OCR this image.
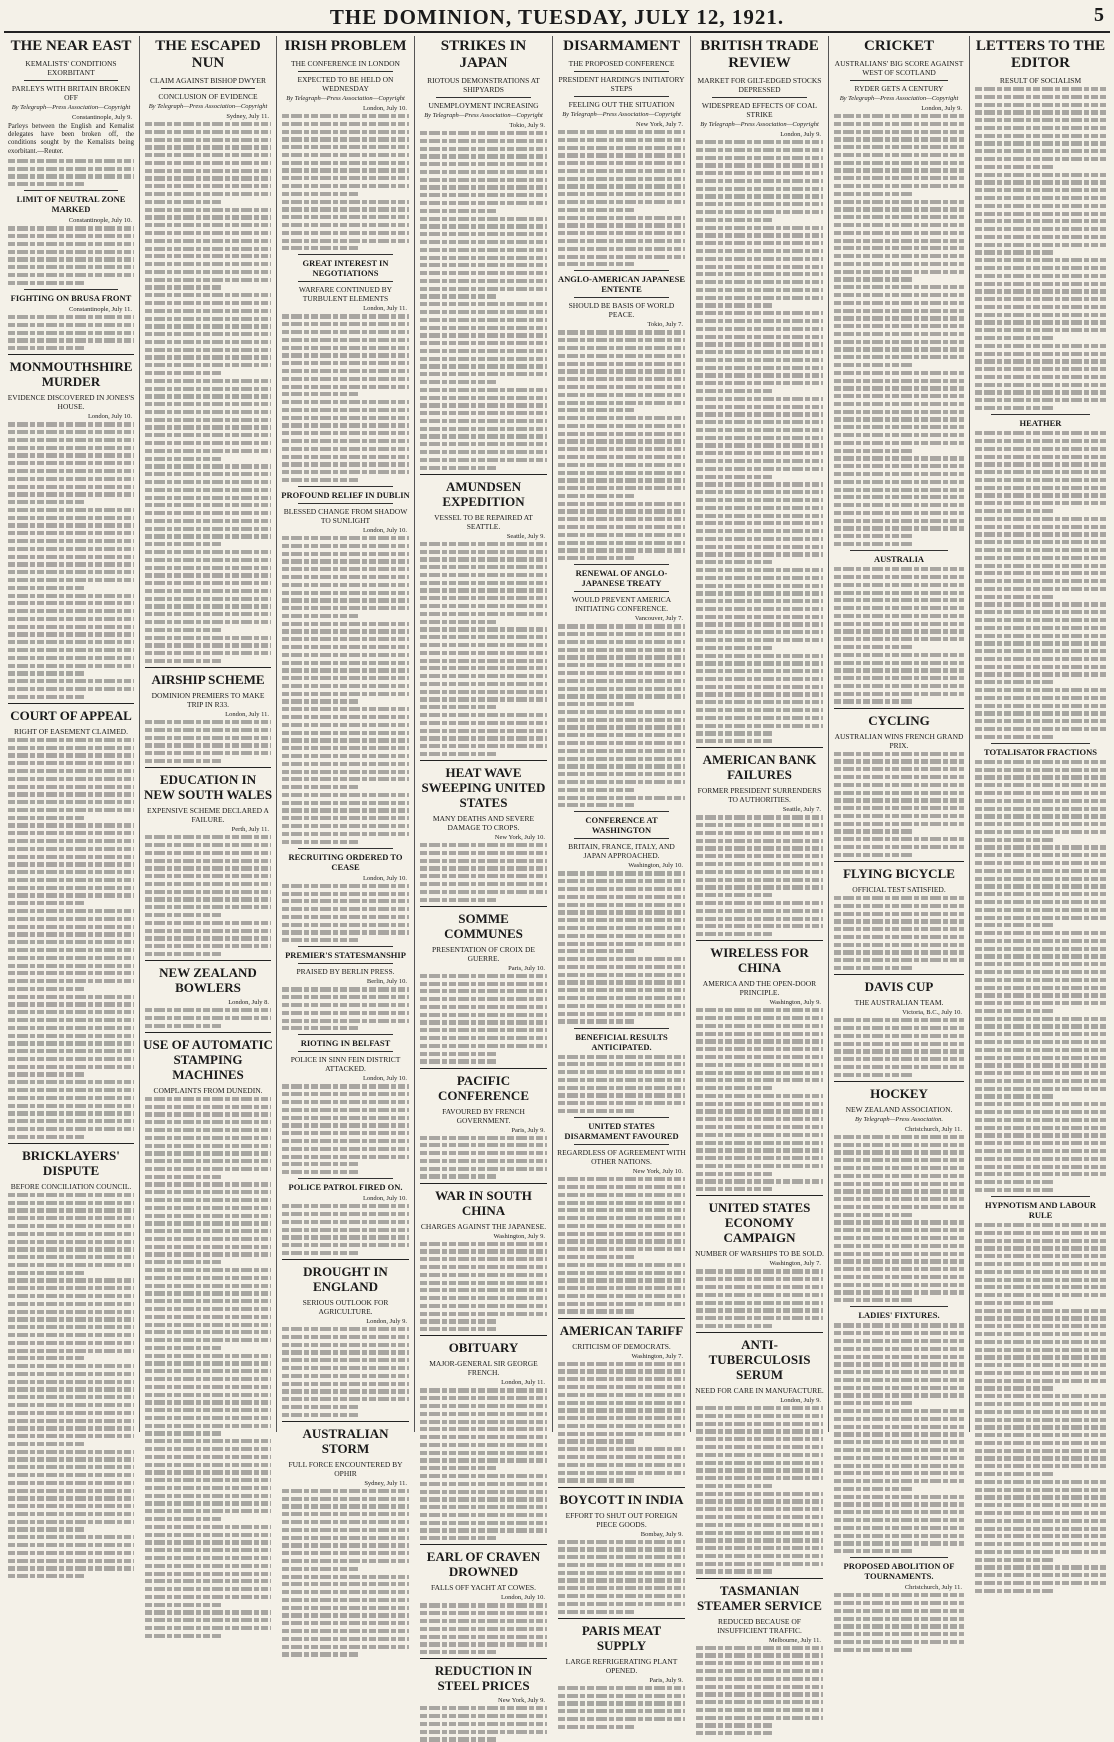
THE DOMINION, TUESDAY, JULY 12, 1921.	5
THE NEAR EAST
KEMALISTS' CONDITIONS EXORBITANT
PARLEYS WITH BRITAIN BROKEN OFF
By Telegraph—Press Association—Copyright
Constantinople, July 9.
Parleys between the English and Kemalist delegates have been broken off, the conditions sought by the Kemalists being exorbitant.—Reuter.
LIMIT OF NEUTRAL ZONE MARKED
Constantinople, July 10.
FIGHTING ON BRUSA FRONT
Constantinople, July 11.
MONMOUTHSHIRE MURDER
EVIDENCE DISCOVERED IN JONES'S HOUSE.
London, July 10.
COURT OF APPEAL
RIGHT OF EASEMENT CLAIMED.
BRICKLAYERS' DISPUTE
BEFORE CONCILIATION COUNCIL.
THE ESCAPED NUN
CLAIM AGAINST BISHOP DWYER
CONCLUSION OF EVIDENCE
By Telegraph—Press Association—Copyright
Sydney, July 11.
AIRSHIP SCHEME
DOMINION PREMIERS TO MAKE TRIP IN R33.
London, July 11.
EDUCATION IN NEW SOUTH WALES
EXPENSIVE SCHEME DECLARED A FAILURE.
Perth, July 11.
NEW ZEALAND BOWLERS
London, July 8.
USE OF AUTOMATIC STAMPING MACHINES
COMPLAINTS FROM DUNEDIN.
IRISH PROBLEM
THE CONFERENCE IN LONDON
EXPECTED TO BE HELD ON WEDNESDAY
By Telegraph—Press Association—Copyright
London, July 10.
GREAT INTEREST IN NEGOTIATIONS
WARFARE CONTINUED BY TURBULENT ELEMENTS
London, July 11.
PROFOUND RELIEF IN DUBLIN
BLESSED CHANGE FROM SHADOW TO SUNLIGHT
London, July 10.
RECRUITING ORDERED TO CEASE
London, July 10.
PREMIER'S STATESMANSHIP
PRAISED BY BERLIN PRESS.
Berlin, July 10.
RIOTING IN BELFAST
POLICE IN SINN FEIN DISTRICT ATTACKED.
London, July 10.
POLICE PATROL FIRED ON.
London, July 10.
DROUGHT IN ENGLAND
SERIOUS OUTLOOK FOR AGRICULTURE.
London, July 9.
AUSTRALIAN STORM
FULL FORCE ENCOUNTERED BY OPHIR
Sydney, July 11.
STRIKES IN JAPAN
RIOTOUS DEMONSTRATIONS AT SHIPYARDS
UNEMPLOYMENT INCREASING
By Telegraph—Press Association—Copyright
Tokio, July 9.
AMUNDSEN EXPEDITION
VESSEL TO BE REPAIRED AT SEATTLE.
Seattle, July 9.
HEAT WAVE SWEEPING UNITED STATES
MANY DEATHS AND SEVERE DAMAGE TO CROPS.
New York, July 10.
SOMME COMMUNES
PRESENTATION OF CROIX DE GUERRE.
Paris, July 10.
PACIFIC CONFERENCE
FAVOURED BY FRENCH GOVERNMENT.
Paris, July 9.
WAR IN SOUTH CHINA
CHARGES AGAINST THE JAPANESE.
Washington, July 9.
OBITUARY
MAJOR-GENERAL SIR GEORGE FRENCH.
London, July 11.
EARL OF CRAVEN DROWNED
FALLS OFF YACHT AT COWES.
London, July 10.
REDUCTION IN STEEL PRICES
New York, July 9.
DISARMAMENT
THE PROPOSED CONFERENCE
PRESIDENT HARDING'S INITIATORY STEPS
FEELING OUT THE SITUATION
By Telegraph—Press Association—Copyright
New York, July 7.
ANGLO-AMERICAN JAPANESE ENTENTE
SHOULD BE BASIS OF WORLD PEACE.
Tokio, July 7.
RENEWAL OF ANGLO-JAPANESE TREATY
WOULD PREVENT AMERICA INITIATING CONFERENCE.
Vancouver, July 7.
CONFERENCE AT WASHINGTON
BRITAIN, FRANCE, ITALY, AND JAPAN APPROACHED.
Washington, July 10.
BENEFICIAL RESULTS ANTICIPATED.
UNITED STATES DISARMAMENT FAVOURED
REGARDLESS OF AGREEMENT WITH OTHER NATIONS.
New York, July 10.
AMERICAN TARIFF
CRITICISM OF DEMOCRATS.
Washington, July 7.
BOYCOTT IN INDIA
EFFORT TO SHUT OUT FOREIGN PIECE GOODS.
Bombay, July 9.
PARIS MEAT SUPPLY
LARGE REFRIGERATING PLANT OPENED.
Paris, July 9.
BRITISH TRADE REVIEW
MARKET FOR GILT-EDGED STOCKS DEPRESSED
WIDESPREAD EFFECTS OF COAL STRIKE
By Telegraph—Press Association—Copyright
London, July 9.
AMERICAN BANK FAILURES
FORMER PRESIDENT SURRENDERS TO AUTHORITIES.
Seattle, July 7.
WIRELESS FOR CHINA
AMERICA AND THE OPEN-DOOR PRINCIPLE.
Washington, July 9.
UNITED STATES ECONOMY CAMPAIGN
NUMBER OF WARSHIPS TO BE SOLD.
Washington, July 7.
ANTI-TUBERCULOSIS SERUM
NEED FOR CARE IN MANUFACTURE.
London, July 9.
TASMANIAN STEAMER SERVICE
REDUCED BECAUSE OF INSUFFICIENT TRAFFIC.
Melbourne, July 11.
CRICKET
AUSTRALIANS' BIG SCORE AGAINST WEST OF SCOTLAND
RYDER GETS A CENTURY
By Telegraph—Press Association—Copyright
London, July 9.
AUSTRALIA
CYCLING
AUSTRALIAN WINS FRENCH GRAND PRIX.
FLYING BICYCLE
OFFICIAL TEST SATISFIED.
DAVIS CUP
THE AUSTRALIAN TEAM.
Victoria, B.C., July 10.
HOCKEY
NEW ZEALAND ASSOCIATION.
By Telegraph—Press Association.
Christchurch, July 11.
LADIES' FIXTURES.
PROPOSED ABOLITION OF TOURNAMENTS.
Christchurch, July 11.
LETTERS TO THE EDITOR
RESULT OF SOCIALISM
HEATHER
TOTALISATOR FRACTIONS
HYPNOTISM AND LABOUR RULE
